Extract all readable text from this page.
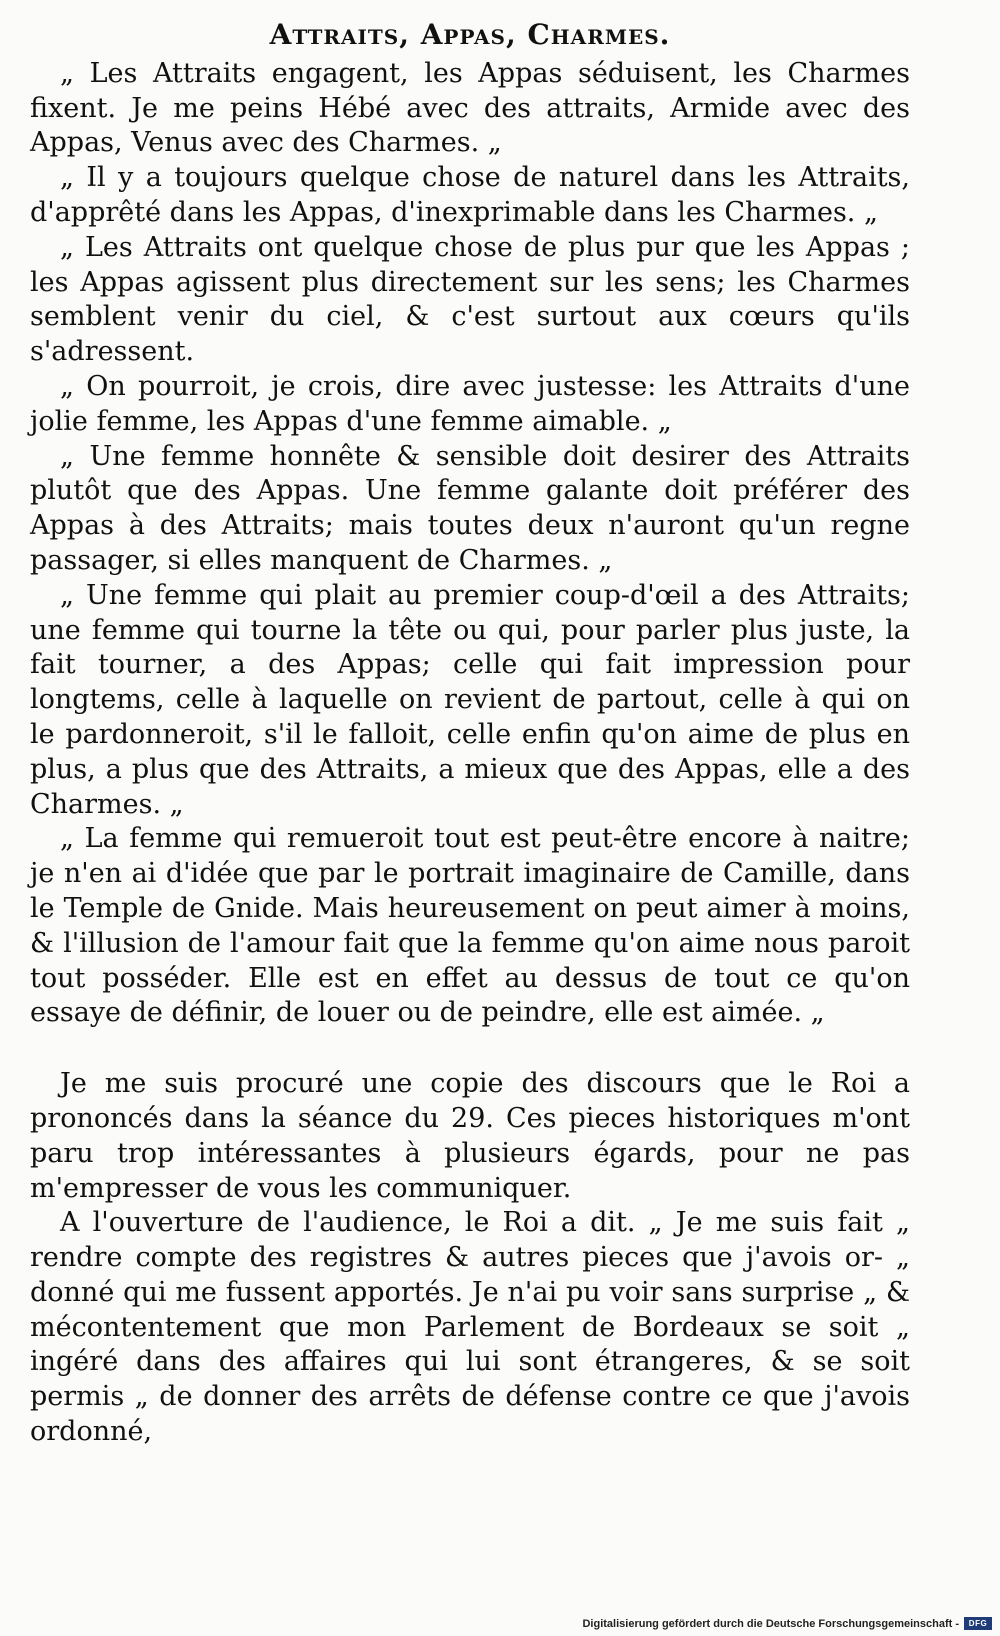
Attraits, Appas, Charmes.

„ Les Attraits engagent, les Appas séduisent, les Charmes fixent. Je me peins Hébé avec des attraits, Armide avec des Appas, Venus avec des Charmes. „

„ Il y a toujours quelque chose de naturel dans les Attraits, d'apprêté dans les Appas, d'inexprimable dans les Charmes. „

„ Les Attraits ont quelque chose de plus pur que les Appas ; les Appas agissent plus directement sur les sens; les Charmes semblent venir du ciel, & c'est surtout aux cœurs qu'ils s'adressent.

„ On pourroit, je crois, dire avec justesse: les Attraits d'une jolie femme, les Appas d'une femme aimable. „

„ Une femme honnête & sensible doit desirer des Attraits plutôt que des Appas. Une femme galante doit préférer des Appas à des Attraits; mais toutes deux n'auront qu'un regne passager, si elles manquent de Charmes. „

„ Une femme qui plait au premier coup-d'œil a des Attraits; une femme qui tourne la tête ou qui, pour parler plus juste, la fait tourner, a des Appas; celle qui fait impression pour longtems, celle à laquelle on revient de partout, celle à qui on le pardonneroit, s'il le falloit, celle enfin qu'on aime de plus en plus, a plus que des Attraits, a mieux que des Appas, elle a des Charmes. „

„ La femme qui remueroit tout est peut-être encore à naitre; je n'en ai d'idée que par le portrait imaginaire de Camille, dans le Temple de Gnide. Mais heureusement on peut aimer à moins, & l'illusion de l'amour fait que la femme qu'on aime nous paroit tout posséder. Elle est en effet au dessus de tout ce qu'on essaye de définir, de louer ou de peindre, elle est aimée. „

Je me suis procuré une copie des discours que le Roi a prononcés dans la séance du 29. Ces pieces historiques m'ont paru trop intéressantes à plusieurs égards, pour ne pas m'empresser de vous les communiquer.

A l'ouverture de l'audience, le Roi a dit. „ Je me suis fait „ rendre compte des registres & autres pieces que j'avois or- „ donné qui me fussent apportés. Je n'ai pu voir sans surprise „ & mécontentement que mon Parlement de Bordeaux se soit „ ingéré dans des affaires qui lui sont étrangeres, & se soit permis „ de donner des arrêts de défense contre ce que j'avois ordonné,

Digitalisierung gefördert durch die Deutsche Forschungsgemeinschaft -	DFG
